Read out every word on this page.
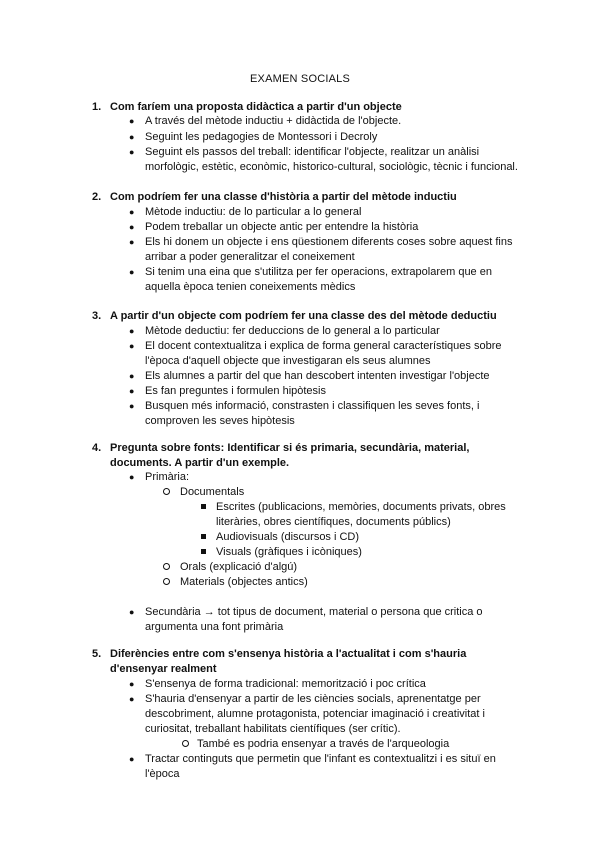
EXAMEN SOCIALS
1. Com faríem una proposta didàctica a partir d'un objecte
● A través del mètode inductiu + didàctida de l'objecte.
● Seguint les pedagogies de Montessori i Decroly
● Seguint els passos del treball: identificar l'objecte, realitzar un anàlisi
morfològic, estètic, econòmic, historico-cultural, sociològic, tècnic i funcional.
2. Com podríem fer una classe d'història a partir del mètode inductiu
● Mètode inductiu: de lo particular a lo general
● Podem treballar un objecte antic per entendre la història
● Els hi donem un objecte i ens qüestionem diferents coses sobre aquest fins
arribar a poder generalitzar el coneixement
● Si tenim una eina que s'utilitza per fer operacions, extrapolarem que en
aquella època tenien coneixements mèdics
3. A partir d'un objecte com podríem fer una classe des del mètode deductiu
● Mètode deductiu: fer deduccions de lo general a lo particular
● El docent contextualitza i explica de forma general característiques sobre
l'època d'aquell objecte que investigaran els seus alumnes
● Els alumnes a partir del que han descobert intenten investigar l'objecte
● Es fan preguntes i formulen hipòtesis
● Busquen més informació, constrasten i classifiquen les seves fonts, i
comproven les seves hipòtesis
4. Pregunta sobre fonts: Identificar si és primaria, secundària, material,
documents. A partir d'un exemple.
● Primària:
Documentals
Escrites (publicacions, memòries, documents privats, obres
literàries, obres científiques, documents públics)
Audiovisuals (discursos i CD)
Visuals (gràfiques i icòniques)
Orals (explicació d'algú)
Materials (objectes antics)
● Secundària → tot tipus de document, material o persona que critica o
argumenta una font primària
5. Diferències entre com s'ensenya història a l'actualitat i com s'hauria
d'ensenyar realment
● S'ensenya de forma tradicional: memorització i poc crítica
● S'hauria d'ensenyar a partir de les ciències socials, aprenentatge per
descobriment, alumne protagonista, potenciar imaginació i creativitat i
curiositat, treballant habilitats científiques (ser crític).
També es podria ensenyar a través de l'arqueologia
● Tractar continguts que permetin que l'infant es contextualitzi i es situï en
l'època
